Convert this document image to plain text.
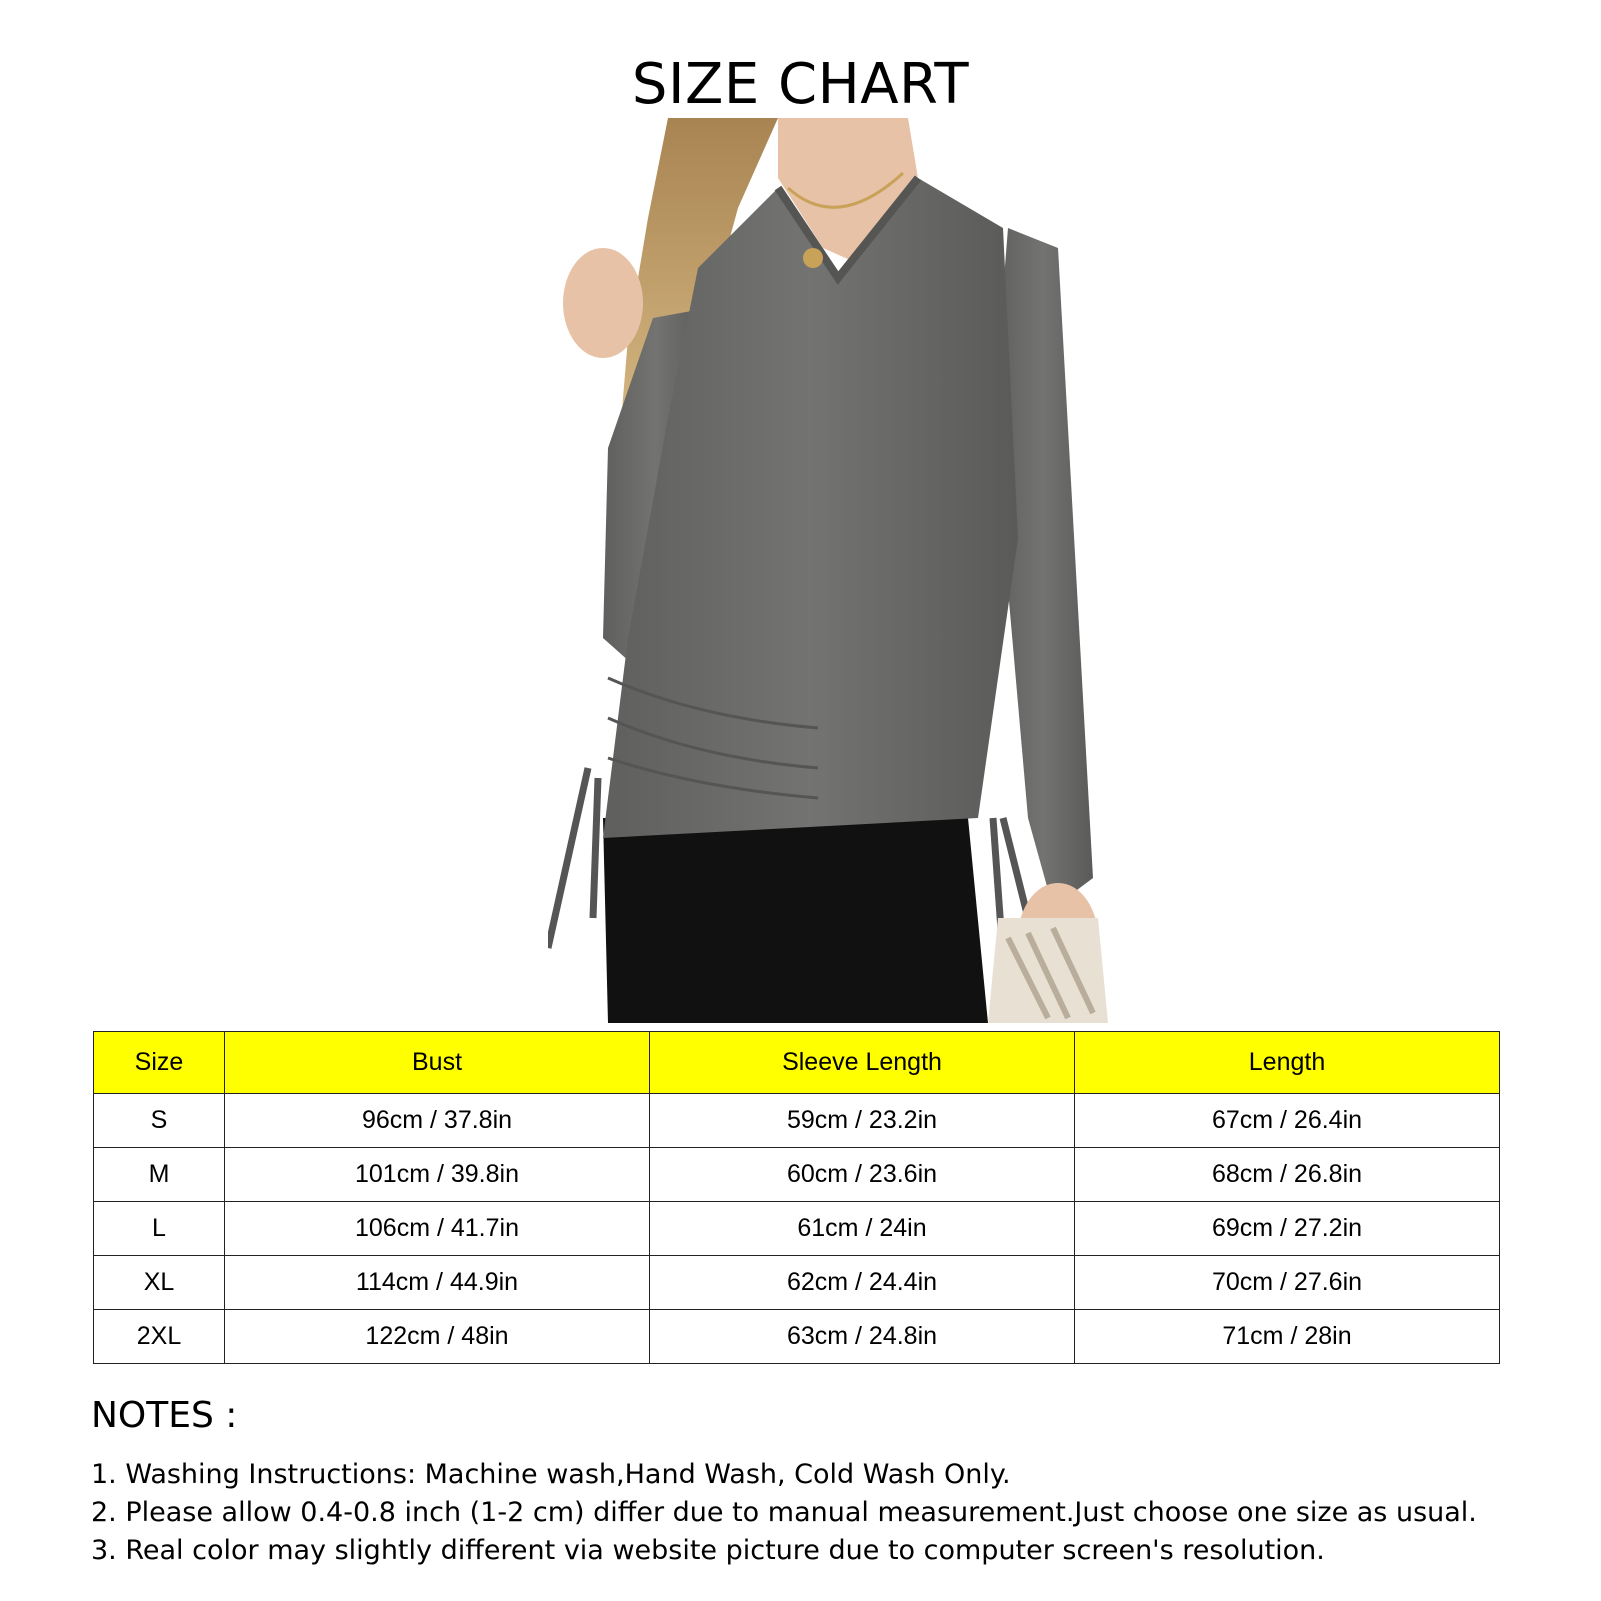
SIZE CHART
Size	Bust	Sleeve Length	Length
S	96cm / 37.8in	59cm / 23.2in	67cm / 26.4in
M	101cm / 39.8in	60cm / 23.6in	68cm / 26.8in
L	106cm / 41.7in	61cm / 24in	69cm / 27.2in
XL	114cm / 44.9in	62cm / 24.4in	70cm / 27.6in
2XL	122cm / 48in	63cm / 24.8in	71cm / 28in
NOTES :
1. Washing Instructions: Machine wash,Hand Wash, Cold Wash Only.
2. Please allow 0.4-0.8 inch (1-2 cm) differ due to manual measurement.Just choose one size as usual.
3. Real color may slightly different via website picture due to computer screen's resolution.
